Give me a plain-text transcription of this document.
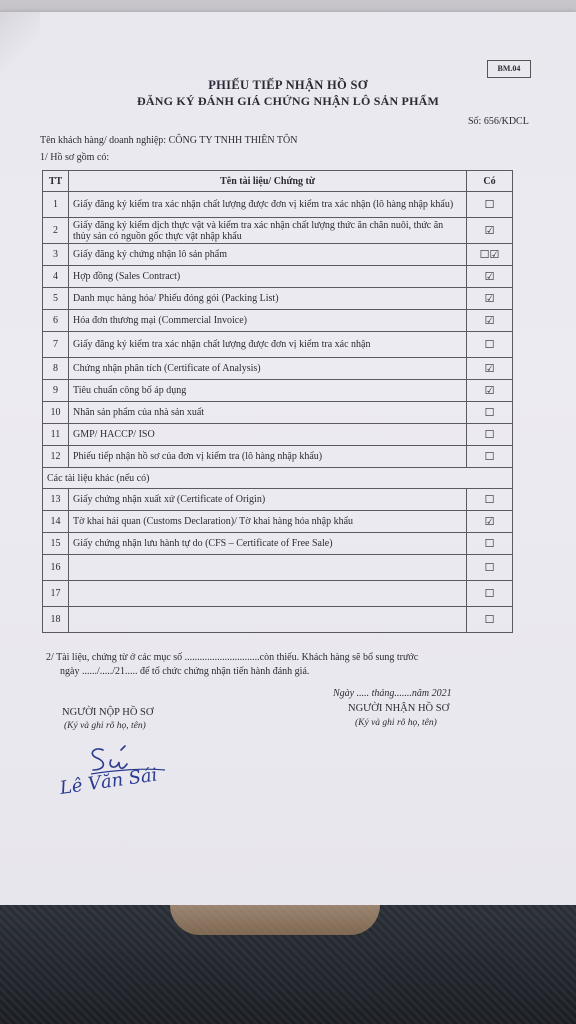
BM.04
PHIẾU TIẾP NHẬN HỒ SƠ
ĐĂNG KÝ ĐÁNH GIÁ CHỨNG NHẬN LÔ SẢN PHẨM
Số: 656/KDCL
Tên khách hàng/ doanh nghiệp: CÔNG TY TNHH THIÊN TÔN
1/ Hồ sơ gồm có:
TT	Tên tài liệu/ Chứng từ	Có
1	Giấy đăng ký kiểm tra xác nhận chất lượng được đơn vị kiểm tra xác nhận (lô hàng nhập khẩu)	☐
2	Giấy đăng ký kiểm dịch thực vật và kiểm tra xác nhận chất lượng thức ăn chăn nuôi, thức ăn thủy sản có nguồn gốc thực vật nhập khẩu	☑
3	Giấy đăng ký chứng nhận lô sản phẩm	☐☑
4	Hợp đồng (Sales Contract)	☑
5	Danh mục hàng hóa/ Phiếu đóng gói (Packing List)	☑
6	Hóa đơn thương mại (Commercial Invoice)	☑
7	Giấy đăng ký kiểm tra xác nhận chất lượng được đơn vị kiểm tra xác nhận	☐
8	Chứng nhận phân tích (Certificate of Analysis)	☑
9	Tiêu chuẩn công bố áp dụng	☑
10	Nhãn sản phẩm của nhà sản xuất	☐
11	GMP/ HACCP/ ISO	☐
12	Phiếu tiếp nhận hồ sơ của đơn vị kiểm tra (lô hàng nhập khẩu)	☐
Các tài liệu khác (nếu có)		
13	Giấy chứng nhận xuất xứ (Certificate of Origin)	☐
14	Tờ khai hải quan (Customs Declaration)/ Tờ khai hàng hóa nhập khẩu	☑
15	Giấy chứng nhận lưu hành tự do (CFS – Certificate of Free Sale)	☐
16		☐
17		☐
18		☐
2/ Tài liệu, chứng từ ở các mục số ..............................còn thiếu. Khách hàng sẽ bổ sung trước
ngày ....../...../21..... để tổ chức chứng nhận tiến hành đánh giá.
Ngày ..... tháng.......năm 2021
NGƯỜI NỘP HỒ SƠ
(Ký và ghi rõ họ, tên)
NGƯỜI NHẬN HỒ SƠ
(Ký và ghi rõ họ, tên)
Lê Văn Sái
